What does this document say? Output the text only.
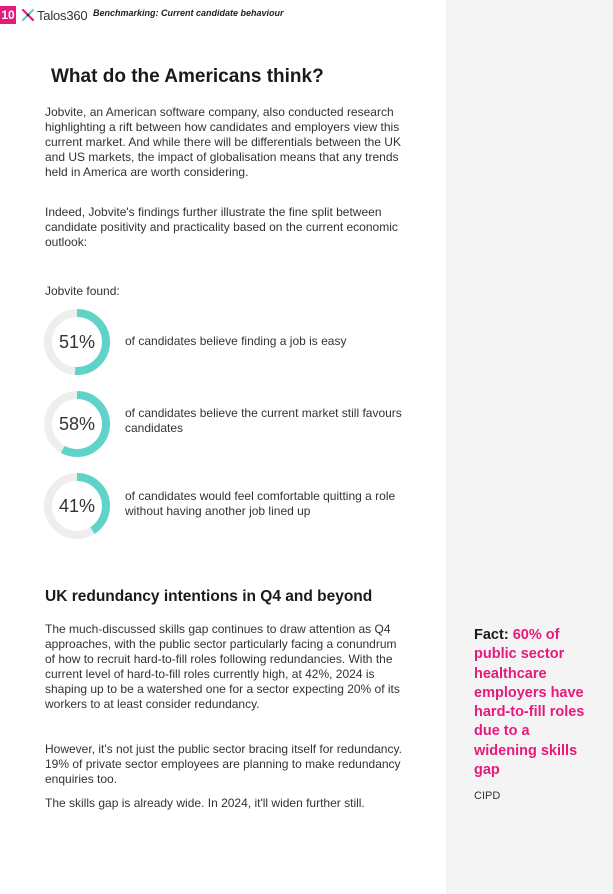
10 Talos360 Benchmarking: Current candidate behaviour
What do the Americans think?

Jobvite, an American software company, also conducted research highlighting a rift between how candidates and employers view this current market. And while there will be differentials between the UK and US markets, the impact of globalisation means that any trends held in America are worth considering.

Indeed, Jobvite's findings further illustrate the fine split between candidate positivity and practicality based on the current economic outlook:

Jobvite found:

51%	of candidates believe finding a job is easy
58%
of candidates believe the current market still favours candidates
41%	of candidates would feel comfortable quitting a role without having another job lined up
UK redundancy intentions in Q4 and beyond

The much-discussed skills gap continues to draw attention as Q4 approaches, with the public sector particularly facing a conundrum of how to recruit hard-to-fill roles following redundancies. With the current level of hard-to-fill roles currently high, at 42%, 2024 is shaping up to be a watershed one for a sector expecting 20% of its workers to at least consider redundancy.

However, it's not just the public sector bracing itself for redundancy. 19% of private sector employees are planning to make redundancy enquiries too.

The skills gap is already wide. In 2024, it'll widen further still.

Fact: 60% of public sector healthcare employers have hard-to-fill roles due to a widening skills gap
CIPD
